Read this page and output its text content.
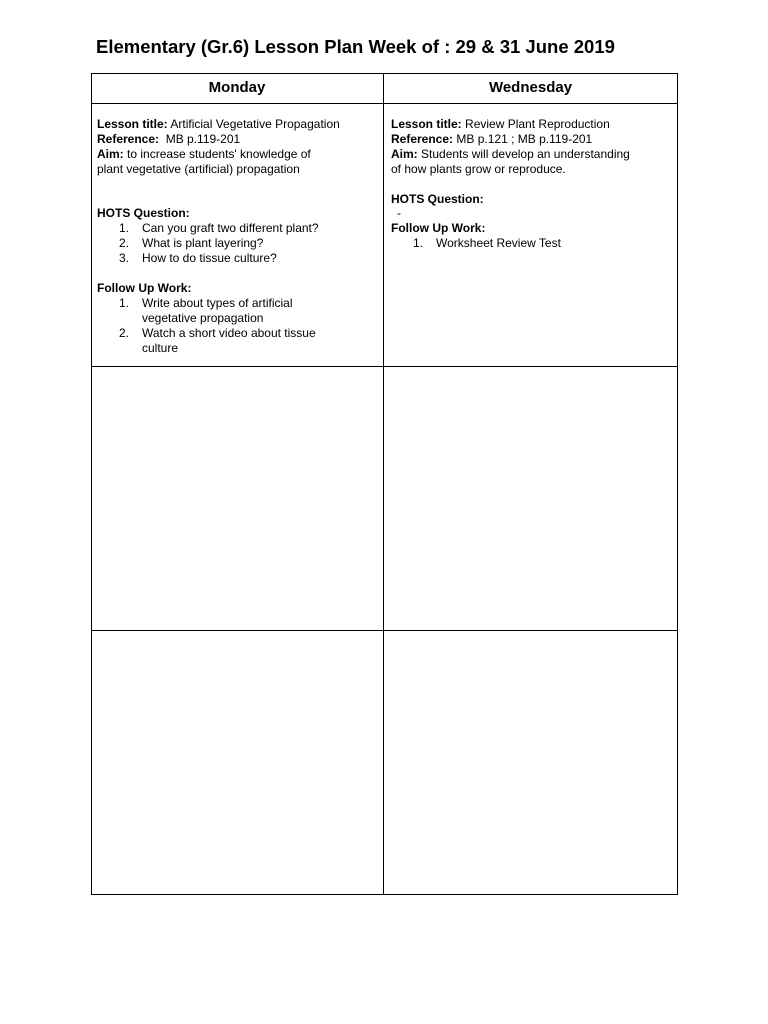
Elementary (Gr.6) Lesson Plan Week of : 29 & 31 June 2019
Monday	Wednesday

Lesson title: Artificial Vegetative Propagation

Reference: MB p.119-201

Aim: to increase students' knowledge of

plant vegetative (artificial) propagation

HOTS Question:

1. Can you graft two different plant?
2. What is plant layering?
3. How to do tissue culture?

Follow Up Work:

1. Write about types of artificial
vegetative propagation
2. Watch a short video about tissue
culture

Lesson title: Review Plant Reproduction

Reference: MB p.121 ; MB p.119-201

Aim: Students will develop an understanding

of how plants grow or reproduce.

HOTS Question:

-

Follow Up Work:

1. Worksheet Review Test
